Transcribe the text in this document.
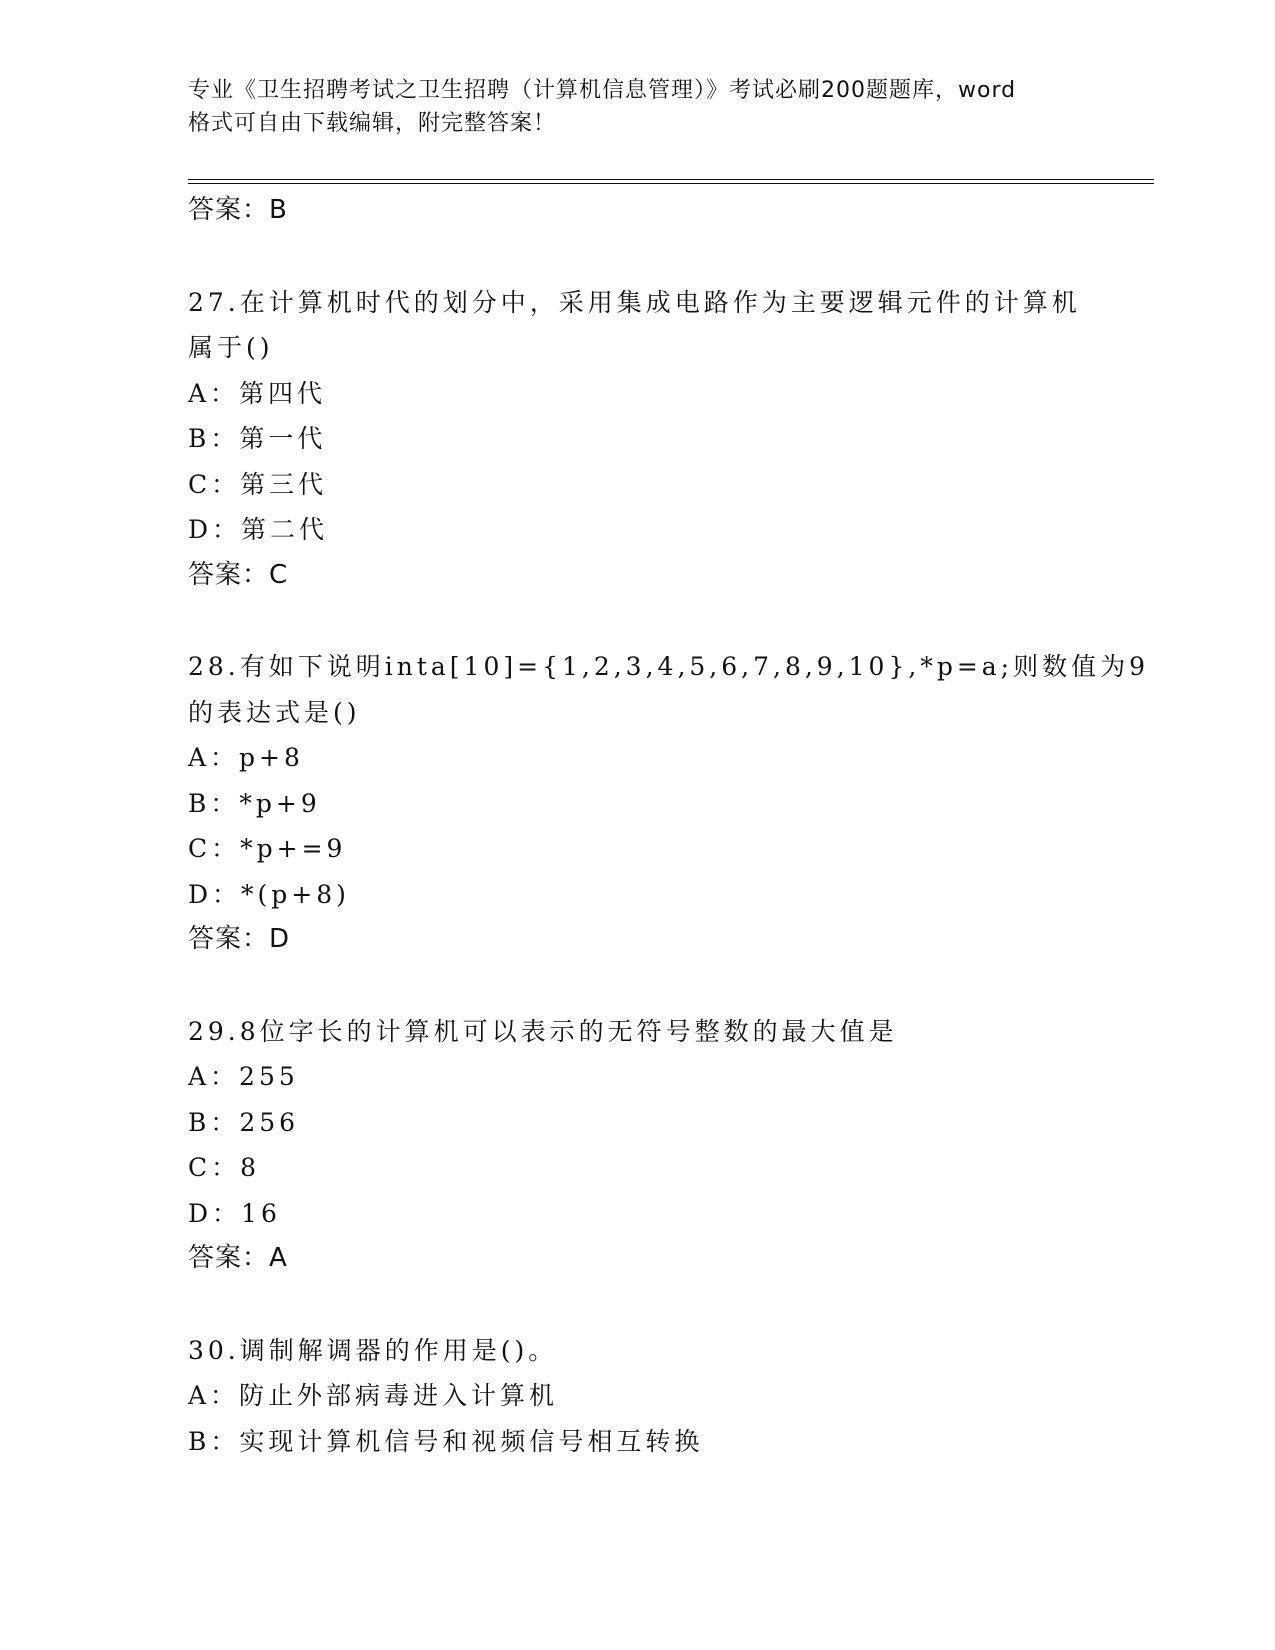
专业《卫生招聘考试之卫生招聘（计算机信息管理）》考试必刷200题题库，word
格式可自由下载编辑，附完整答案！
答案：B
27.在计算机时代的划分中，采用集成电路作为主要逻辑元件的计算机
属于()
A：第四代
B：第一代
C：第三代
D：第二代
答案：C
28.有如下说明inta[10]={1,2,3,4,5,6,7,8,9,10},*p=a;则数值为9
的表达式是()
A：p+8
B：*p+9
C：*p+=9
D：*(p+8)
答案：D
29.8位字长的计算机可以表示的无符号整数的最大值是
A：255
B：256
C：8
D：16
答案：A
30.调制解调器的作用是()。
A：防止外部病毒进入计算机
B：实现计算机信号和视频信号相互转换
